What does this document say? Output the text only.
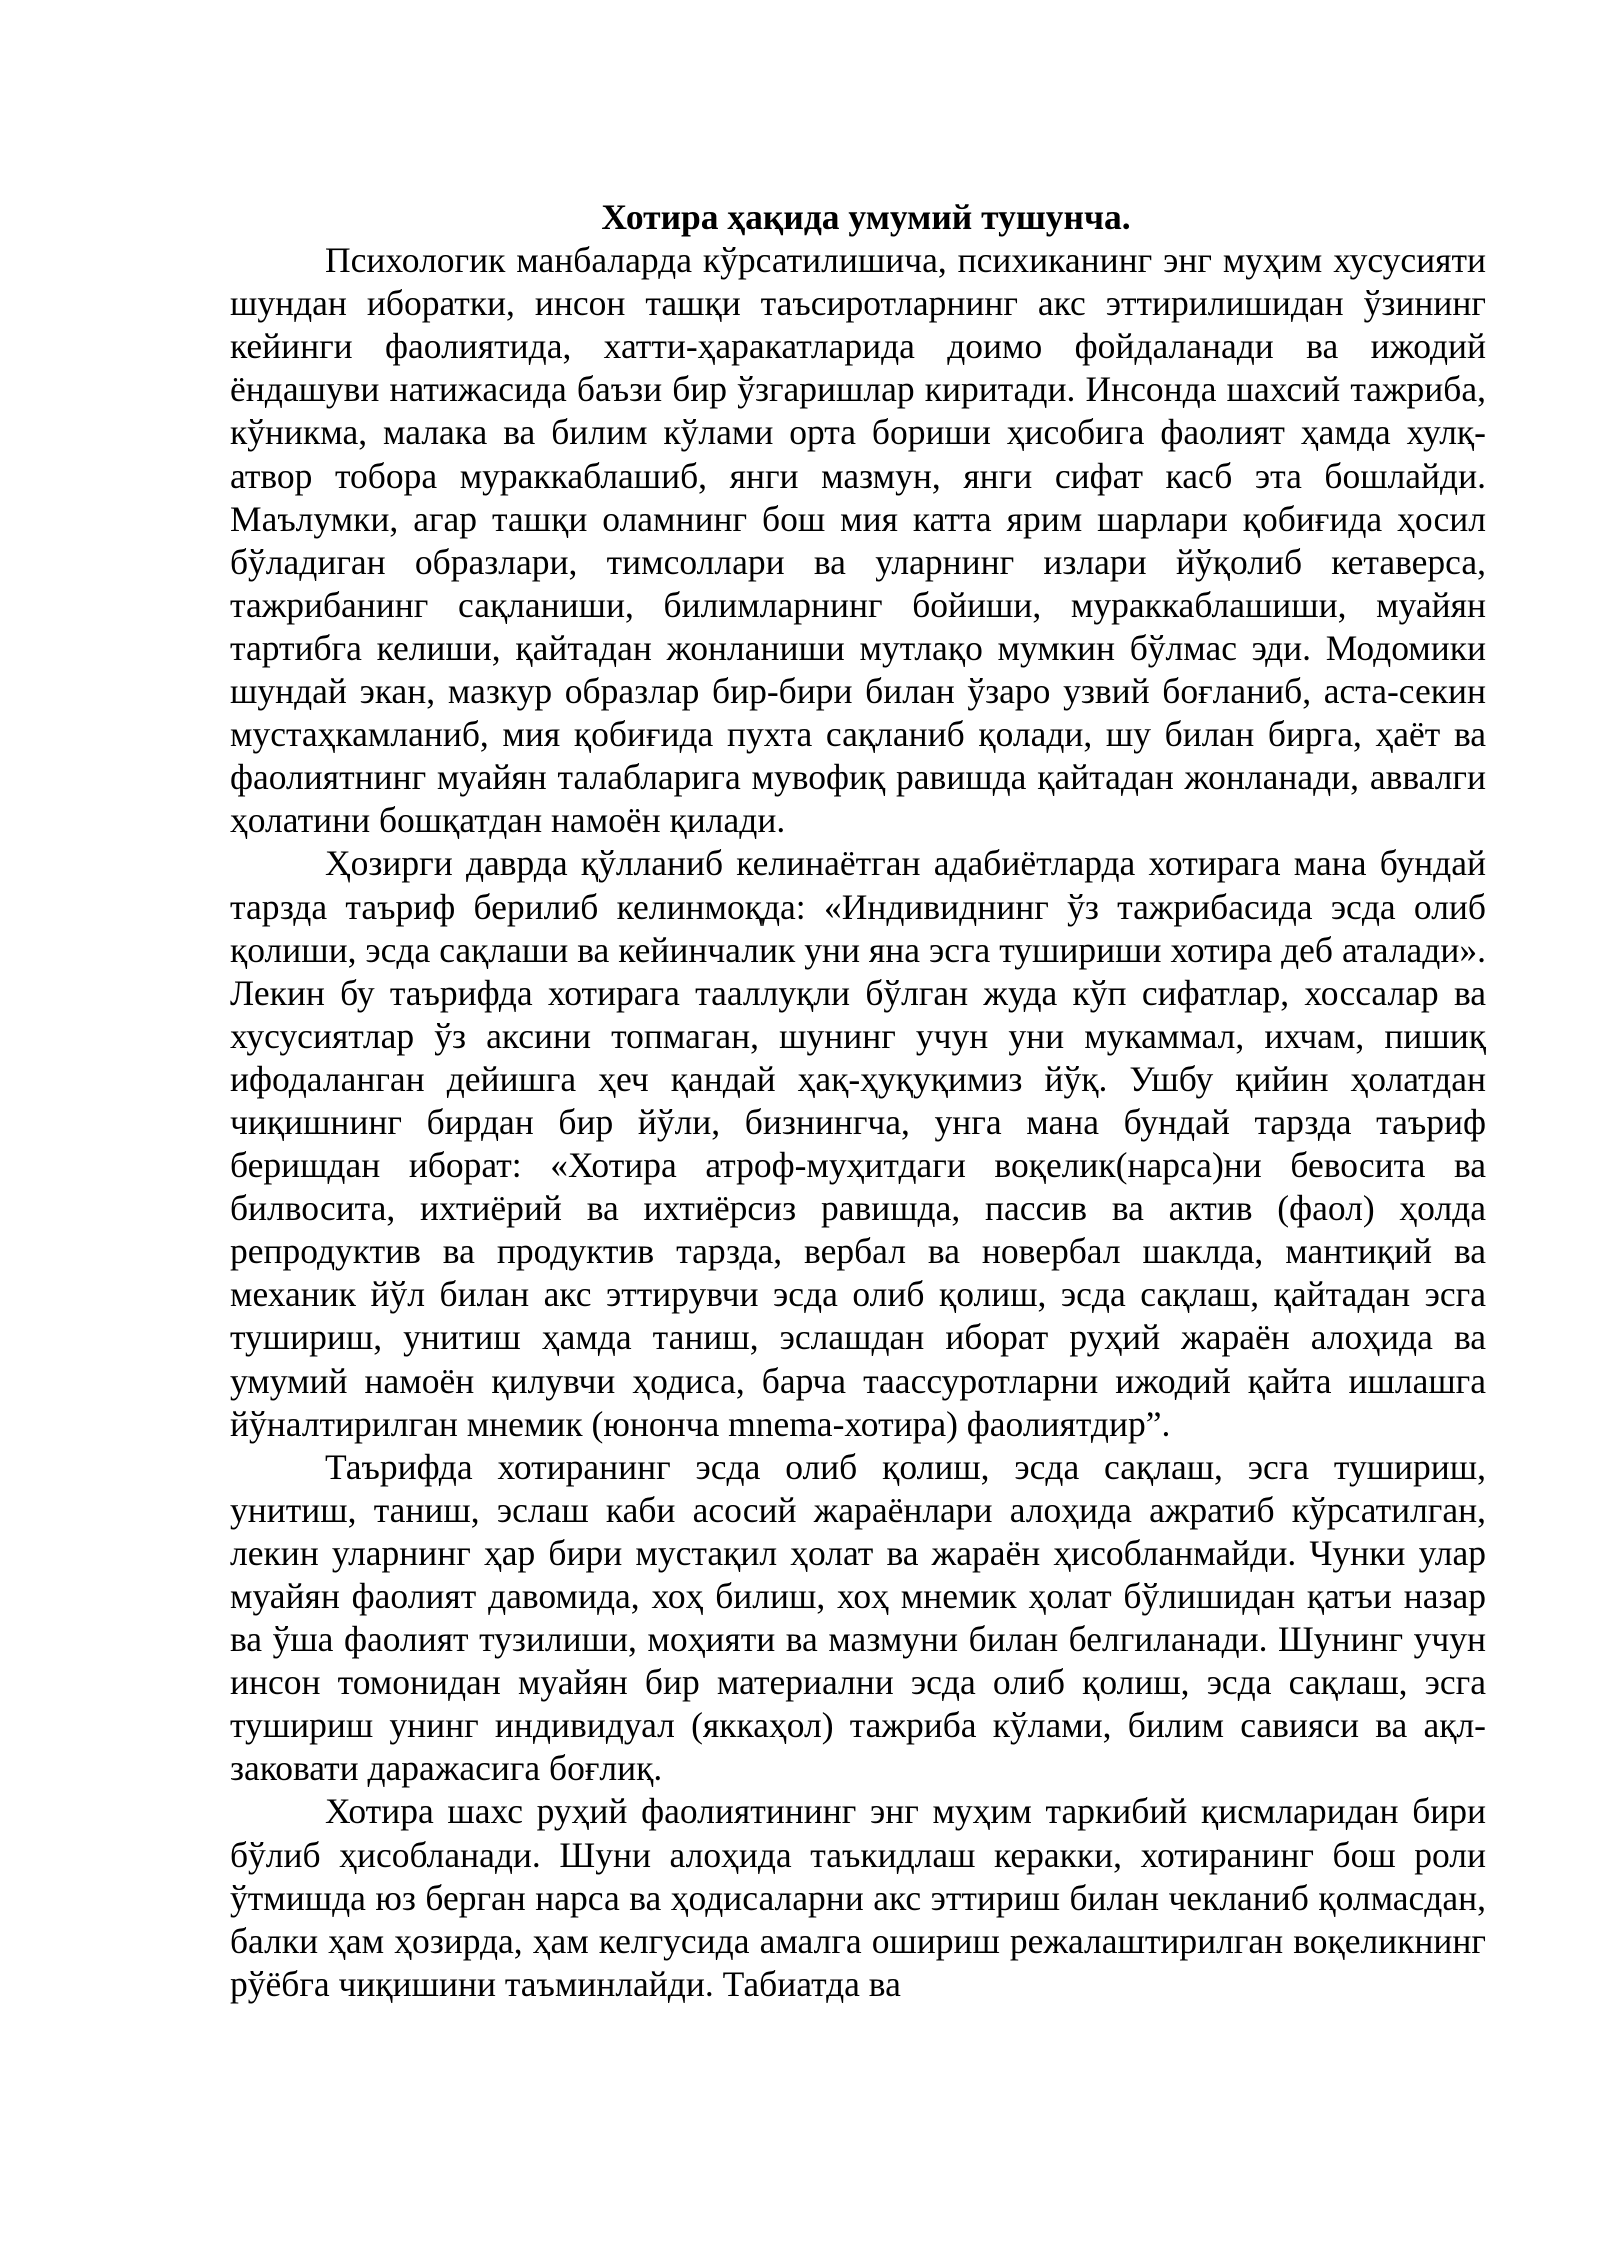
Хотира ҳақида умумий тушунча.

Психологик манбаларда кўрсатилишича, психиканинг энг муҳим хусусияти шундан иборатки, инсон ташқи таъсиротларнинг акс эттирилишидан ўзининг кейинги фаолиятида, хатти-ҳаракатларида доимо фойдаланади ва ижодий ёндашуви натижасида баъзи бир ўзгаришлар киритади. Инсонда шахсий тажриба, кўникма, малака ва билим кўлами орта бориши ҳисобига фаолият ҳамда хулқ-атвор тобора мураккаблашиб, янги мазмун, янги сифат касб эта бошлайди. Маълумки, агар ташқи оламнинг бош мия катта ярим шарлари қобиғида ҳосил бўладиган образлари, тимсоллари ва уларнинг излари йўқолиб кетаверса, тажрибанинг сақланиши, билимларнинг бойиши, мураккаблашиши, муайян тартибга келиши, қайтадан жонланиши мутлақо мумкин бўлмас эди. Модомики шундай экан, мазкур образлар бир-бири билан ўзаро узвий боғланиб, аста-секин мустаҳкамланиб, мия қобиғида пухта сақланиб қолади, шу билан бирга, ҳаёт ва фаолиятнинг муайян талабларига мувофиқ равишда қайтадан жонланади, аввалги ҳолатини бошқатдан намоён қилади.

Ҳозирги даврда қўлланиб келинаётган адабиётларда хотирага мана бундай тарзда таъриф берилиб келинмоқда: «Индивиднинг ўз тажрибасида эсда олиб қолиши, эсда сақлаши ва кейинчалик уни яна эсга тушириши хотира деб аталади». Лекин бу таърифда хотирага тааллуқли бўлган жуда кўп сифатлар, хоссалар ва хусусиятлар ўз аксини топмаган, шунинг учун уни мукаммал, ихчам, пишиқ ифодаланган дейишга ҳеч қандай ҳақ-ҳуқуқимиз йўқ. Ушбу қийин ҳолатдан чиқишнинг бирдан бир йўли, бизнингча, унга мана бундай тарзда таъриф беришдан иборат: «Хотира атроф-муҳитдаги воқелик(нарса)ни бевосита ва билвосита, ихтиёрий ва ихтиёрсиз равишда, пассив ва актив (фаол) ҳолда репродуктив ва продуктив тарзда, вербал ва новербал шаклда, мантиқий ва механик йўл билан акс эттирувчи эсда олиб қолиш, эсда сақлаш, қайтадан эсга тушириш, унитиш ҳамда таниш, эслашдан иборат руҳий жараён алоҳида ва умумий намоён қилувчи ҳодиса, барча таассуротларни ижодий қайта ишлашга йўналтирилган мнемик (юнонча mnema-хотира) фаолиятдир”.

Таърифда хотиранинг эсда олиб қолиш, эсда сақлаш, эсга тушириш, унитиш, таниш, эслаш каби асосий жараёнлари алоҳида ажратиб кўрсатилган, лекин уларнинг ҳар бири мустақил ҳолат ва жараён ҳисобланмайди. Чунки улар муайян фаолият давомида, хоҳ билиш, хоҳ мнемик ҳолат бўлишидан қатъи назар ва ўша фаолият тузилиши, моҳияти ва мазмуни билан белгиланади. Шунинг учун инсон томонидан муайян бир материални эсда олиб қолиш, эсда сақлаш, эсга тушириш унинг индивидуал (яккаҳол) тажриба кўлами, билим савияси ва ақл-заковати даражасига боғлиқ.

Хотира шахс руҳий фаолиятининг энг муҳим таркибий қисмларидан бири бўлиб ҳисобланади. Шуни алоҳида таъкидлаш керакки, хотиранинг бош роли ўтмишда юз берган нарса ва ҳодисаларни акс эттириш билан чекланиб қолмасдан, балки ҳам ҳозирда, ҳам келгусида амалга ошириш режалаштирилган воқеликнинг рўёбга чиқишини таъминлайди. Табиатда ва
